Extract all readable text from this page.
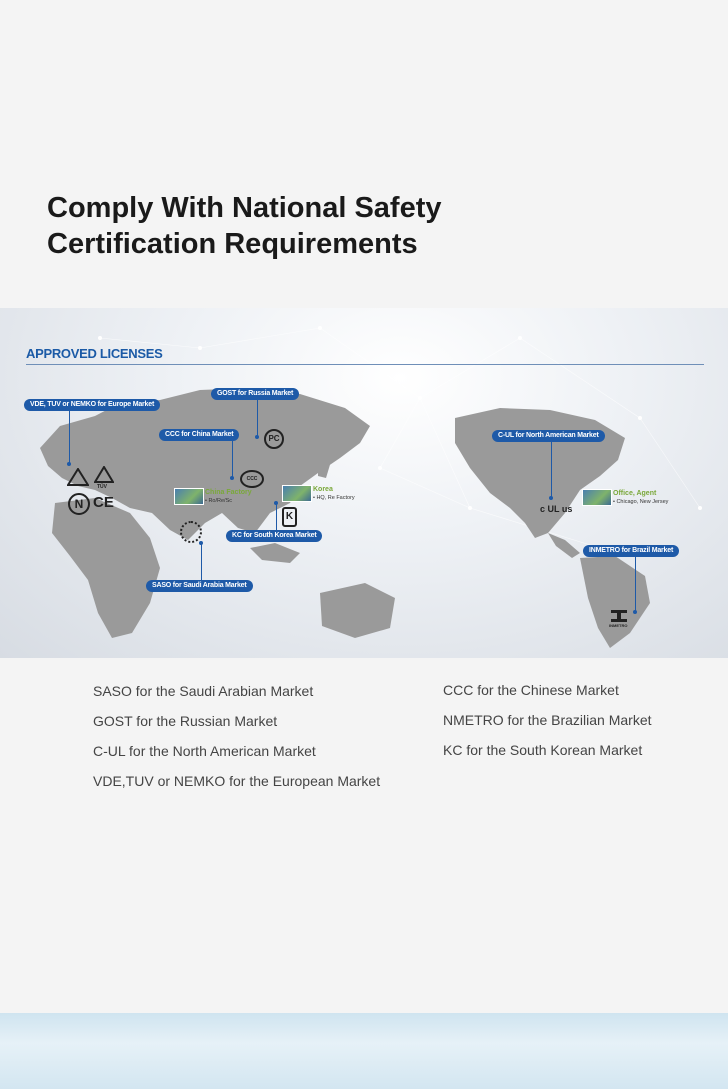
Comply With National Safety
Certification Requirements
APPROVED LICENSES
VDE, TUV or NEMKO for Europe Market
TÜV
N CE
GOST for Russia Market
PC
CCC for China Market
CCC
China Factory
• Ro/Re/Sc
Korea
• HQ, Re Factory
K
KC for South Korea Market
SASO for Saudi Arabia Market
C-UL for North American Market
c UL us
Office, Agent
• Chicago, New Jersey
INMETRO for Brazil Market
INMETRO
SASO for the Saudi Arabian Market
GOST for the Russian Market
C-UL for the North American Market
VDE,TUV or NEMKO for the European Market
CCC for the Chinese Market
NMETRO for the Brazilian Market
KC for the South Korean Market
